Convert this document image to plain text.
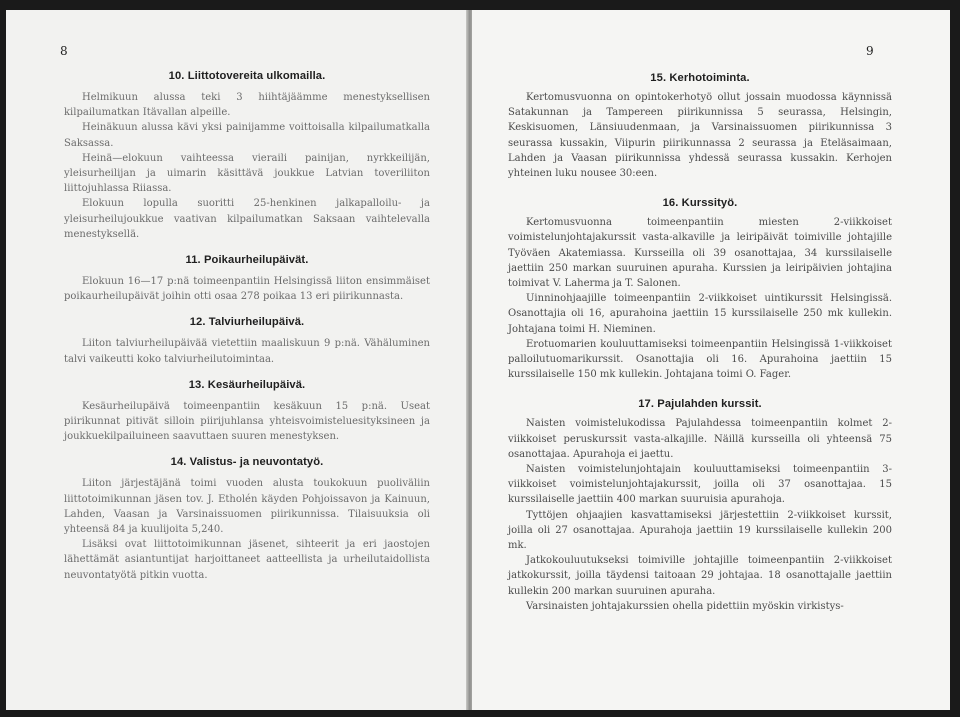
8
10. Liittotovereita ulkomailla.

Helmikuun alussa teki 3 hiihtäjäämme menestyksellisen kilpailumatkan Itävallan alpeille.

Heinäkuun alussa kävi yksi painijamme voittoisalla kilpailumatkalla Saksassa.

Heinä—elokuun vaihteessa vieraili painijan, nyrkkeilijän, yleisurheilijan ja uimarin käsittävä joukkue Latvian toveriliiton liittojuhlassa Riiassa.

Elokuun lopulla suoritti 25-henkinen jalkapalloilu- ja yleisurheilujoukkue vaativan kilpailumatkan Saksaan vaihtelevalla menestyksellä.

11. Poikaurheilupäivät.

Elokuun 16—17 p:nä toimeenpantiin Helsingissä liiton ensimmäiset poikaurheilupäivät joihin otti osaa 278 poikaa 13 eri piirikunnasta.

12. Talviurheilupäivä.

Liiton talviurheilupäivää vietettiin maaliskuun 9 p:nä. Vähäluminen talvi vaikeutti koko talviurheilutoimintaa.

13. Kesäurheilupäivä.

Kesäurheilupäivä toimeenpantiin kesäkuun 15 p:nä. Useat piirikunnat pitivät silloin piirijuhlansa yhteisvoimisteluesityksineen ja joukkuekilpailuineen saavuttaen suuren menestyksen.

14. Valistus- ja neuvontatyö.

Liiton järjestäjänä toimi vuoden alusta toukokuun puoliväliin liittotoimikunnan jäsen tov. J. Etholén käyden Pohjoissavon ja Kainuun, Lahden, Vaasan ja Varsinaissuomen piirikunnissa. Tilaisuuksia oli yhteensä 84 ja kuulijoita 5,240.

Lisäksi ovat liittotoimikunnan jäsenet, sihteerit ja eri jaostojen lähettämät asiantuntijat harjoittaneet aatteellista ja urheilutaidollista neuvontatyötä pitkin vuotta.

9
15. Kerhotoiminta.

Kertomusvuonna on opintokerhotyö ollut jossain muodossa käynnissä Satakunnan ja Tampereen piirikunnissa 5 seurassa, Helsingin, Keskisuomen, Länsiuudenmaan, ja Varsinaissuomen piirikunnissa 3 seurassa kussakin, Viipurin piirikunnassa 2 seurassa ja Eteläsaimaan, Lahden ja Vaasan piirikunnissa yhdessä seurassa kussakin. Kerhojen yhteinen luku nousee 30:een.

16. Kurssityö.

Kertomusvuonna toimeenpantiin miesten 2-viikkoiset voimistelunjohtajakurssit vasta-alkaville ja leiripäivät toimiville johtajille Työväen Akatemiassa. Kursseilla oli 39 osanottajaa, 34 kurssilaiselle jaettiin 250 markan suuruinen apuraha. Kurssien ja leiripäivien johtajina toimivat V. Laherma ja T. Salonen.

Uinninohjaajille toimeenpantiin 2-viikkoiset uintikurssit Helsingissä. Osanottajia oli 16, apurahoina jaettiin 15 kurssilaiselle 250 mk kullekin. Johtajana toimi H. Nieminen.

Erotuomarien kouluuttamiseksi toimeenpantiin Helsingissä 1-viikkoiset palloilutuomarikurssit. Osanottajia oli 16. Apurahoina jaettiin 15 kurssilaiselle 150 mk kullekin. Johtajana toimi O. Fager.

17. Pajulahden kurssit.

Naisten voimistelukodissa Pajulahdessa toimeenpantiin kolmet 2-viikkoiset peruskurssit vasta-alkajille. Näillä kursseilla oli yhteensä 75 osanottajaa. Apurahoja ei jaettu.

Naisten voimistelunjohtajain kouluuttamiseksi toimeenpantiin 3-viikkoiset voimistelunjohtajakurssit, joilla oli 37 osanottajaa. 15 kurssilaiselle jaettiin 400 markan suuruisia apurahoja.

Tyttöjen ohjaajien kasvattamiseksi järjestettiin 2-viikkoiset kurssit, joilla oli 27 osanottajaa. Apurahoja jaettiin 19 kurssilaiselle kullekin 200 mk.

Jatkokouluutukseksi toimiville johtajille toimeenpantiin 2-viikkoiset jatkokurssit, joilla täydensi taitoaan 29 johtajaa. 18 osanottajalle jaettiin kullekin 200 markan suuruinen apuraha.

Varsinaisten johtajakurssien ohella pidettiin myöskin virkistys-
